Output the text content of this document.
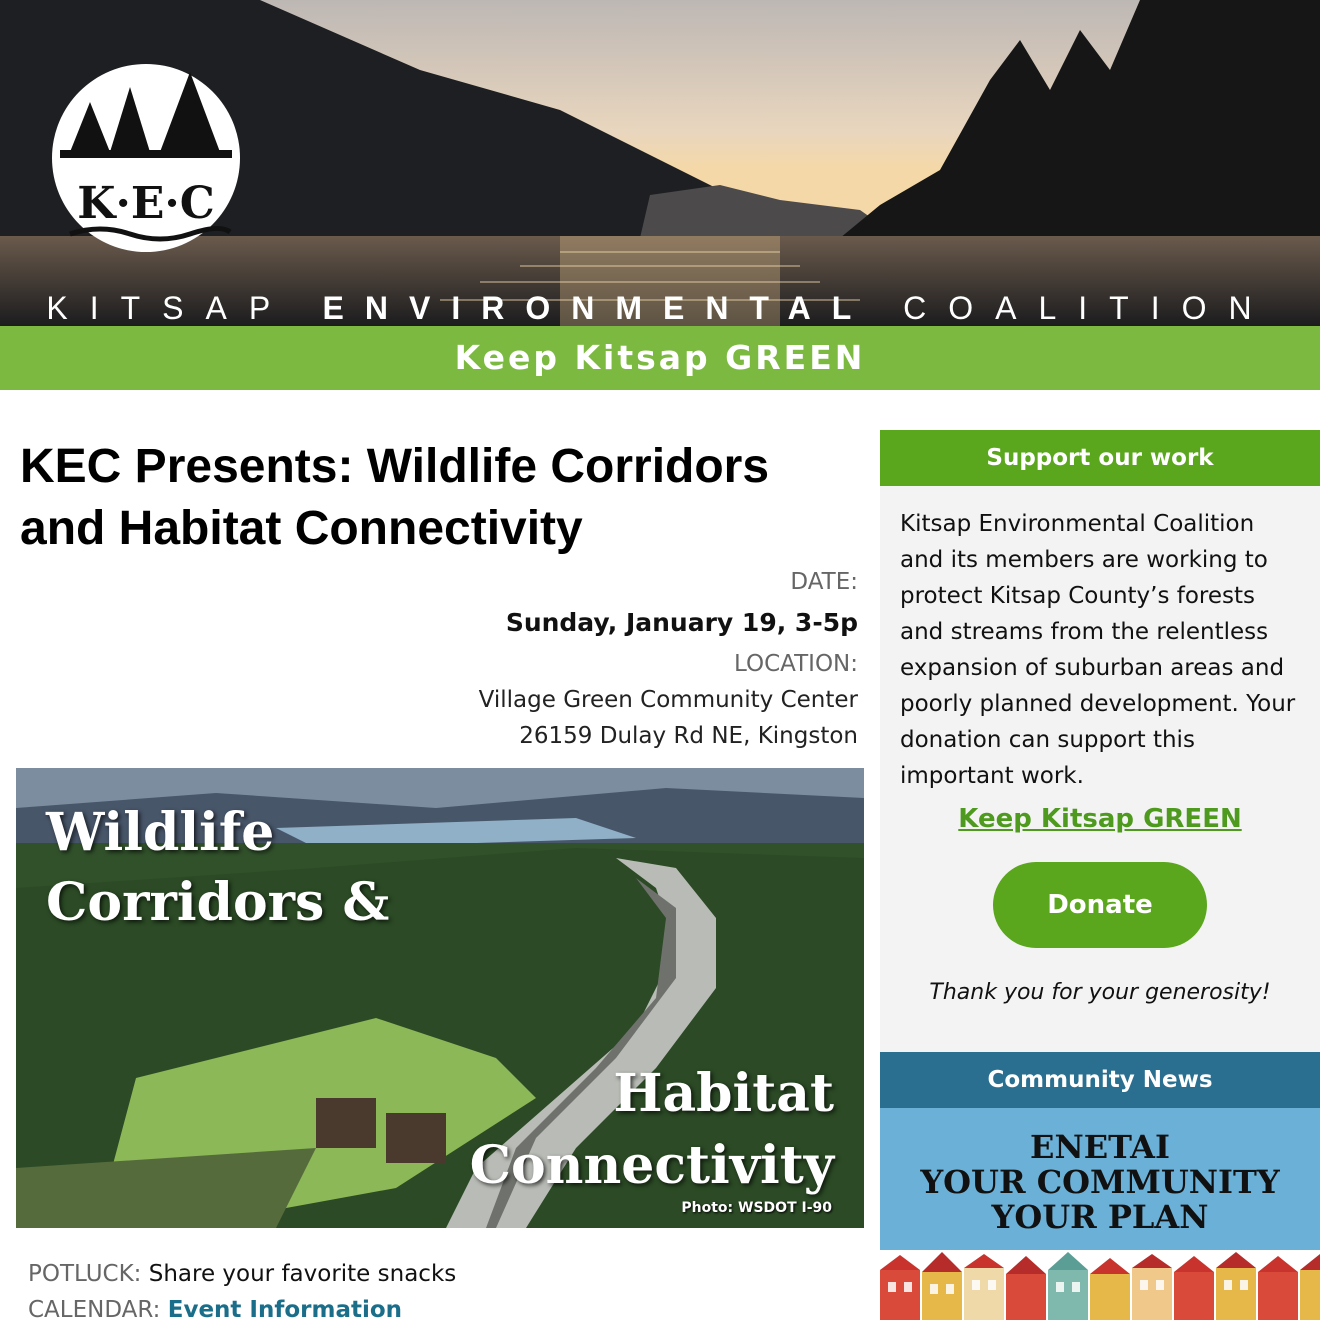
K·E·C
KITSAP ENVIRONMENTAL COALITION
Keep Kitsap GREEN
KEC Presents: Wildlife Corridors and Habitat Connectivity
DATE:
Sunday, January 19, 3-5p
LOCATION:
Village Green Community Center
26159 Dulay Rd NE, Kingston
Wildlife
Corridors &
Habitat
Connectivity
Photo: WSDOT I-90
POTLUCK: Share your favorite snacks
CALENDAR: Event Information
Support our work

Kitsap Environmental Coalition and its members are working to protect Kitsap County’s forests and streams from the relentless expansion of suburban areas and poorly planned development. Your donation can support this important work.

Keep Kitsap GREEN
Donate

Thank you for your generosity!

Community News
ENETAI
YOUR COMMUNITY
YOUR PLAN
